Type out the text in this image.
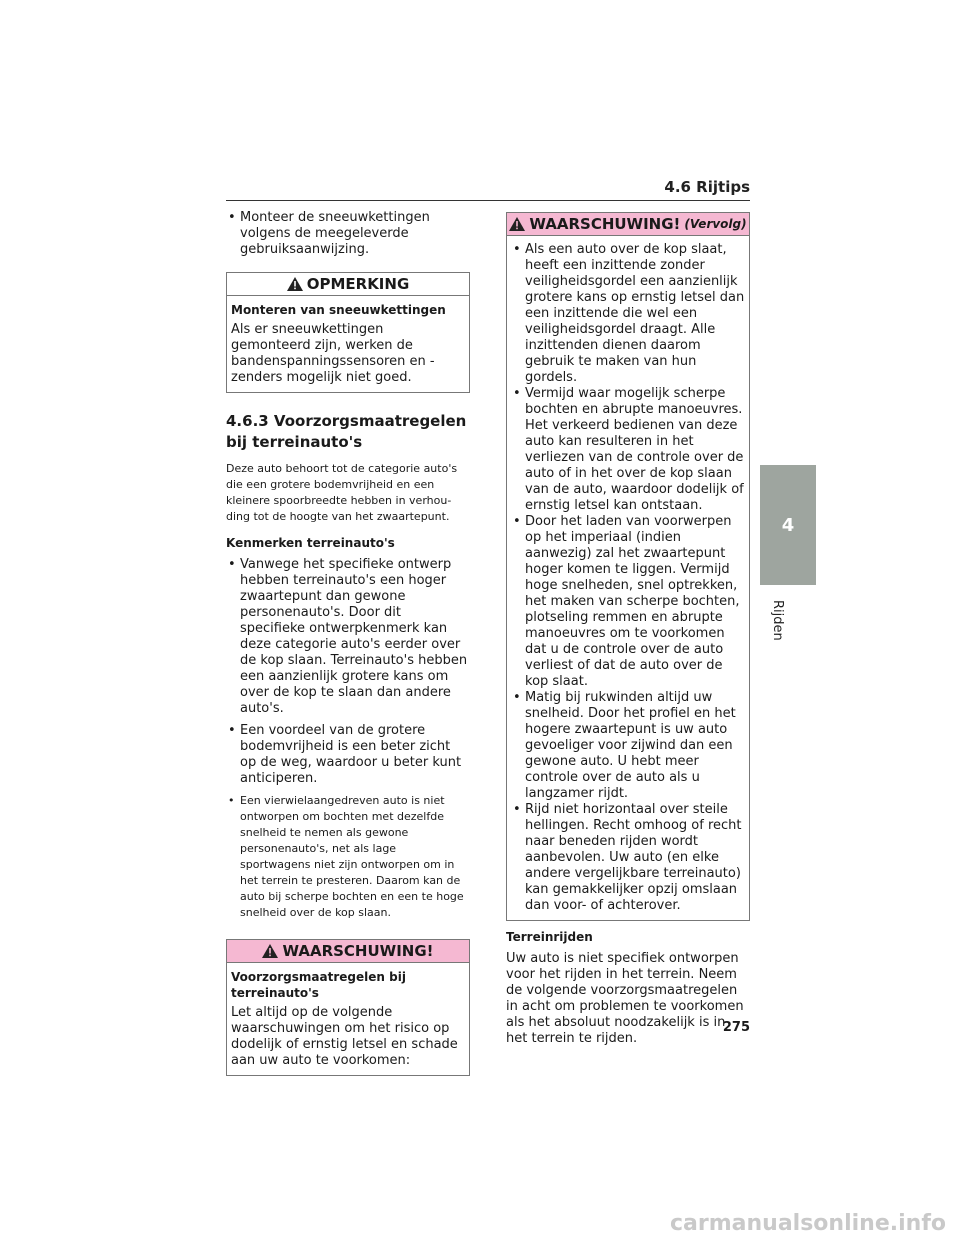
4.6 Rijtips
• Monteer de sneeuwkettingen volgens de meegeleverde gebruiksaanwijzing.
OPMERKING
Monteren van sneeuwkettingen

Als er sneeuwkettingen gemonteerd zijn, werken de bandenspanningssensoren en -zenders mogelijk niet goed.

4.6.3 Voorzorgsmaatregelen bij terreinauto's
Deze auto behoort tot de categorie auto's die een grotere bodemvrijheid en een kleinere spoorbreedte hebben in verhou-ding tot de hoogte van het zwaartepunt.
Kenmerken terreinauto's
• Vanwege het specifieke ontwerp hebben terreinauto's een hoger zwaartepunt dan gewone personenauto's. Door dit specifieke ontwerpkenmerk kan deze categorie auto's eerder over de kop slaan. Terreinauto's hebben een aanzienlijk grotere kans om over de kop te slaan dan andere auto's.
• Een voordeel van de grotere bodemvrijheid is een beter zicht op de weg, waardoor u beter kunt anticiperen.
• Een vierwielaangedreven auto is niet ontworpen om bochten met dezelfde snelheid te nemen als gewone personenauto's, net als lage sportwagens niet zijn ontworpen om in het terrein te presteren. Daarom kan de auto bij scherpe bochten en een te hoge snelheid over de kop slaan.
WAARSCHUWING!
Voorzorgsmaatregelen bij terreinauto's

Let altijd op de volgende waarschuwingen om het risico op dodelijk of ernstig letsel en schade aan uw auto te voorkomen:

WAARSCHUWING! (Vervolg)
• Als een auto over de kop slaat, heeft een inzittende zonder veiligheidsgordel een aanzienlijk grotere kans op ernstig letsel dan een inzittende die wel een veiligheidsgordel draagt. Alle inzittenden dienen daarom gebruik te maken van hun gordels.
• Vermijd waar mogelijk scherpe bochten en abrupte manoeuvres. Het verkeerd bedienen van deze auto kan resulteren in het verliezen van de controle over de auto of in het over de kop slaan van de auto, waardoor dodelijk of ernstig letsel kan ontstaan.
• Door het laden van voorwerpen op het imperiaal (indien aanwezig) zal het zwaartepunt hoger komen te liggen. Vermijd hoge snelheden, snel optrekken, het maken van scherpe bochten, plotseling remmen en abrupte manoeuvres om te voorkomen dat u de controle over de auto verliest of dat de auto over de kop slaat.
• Matig bij rukwinden altijd uw snelheid. Door het profiel en het hogere zwaartepunt is uw auto gevoeliger voor zijwind dan een gewone auto. U hebt meer controle over de auto als u langzamer rijdt.
• Rijd niet horizontaal over steile hellingen. Recht omhoog of recht naar beneden rijden wordt aanbevolen. Uw auto (en elke andere vergelijkbare terreinauto) kan gemakkelijker opzij omslaan dan voor- of achterover.
Terreinrijden

Uw auto is niet specifiek ontworpen voor het rijden in het terrein. Neem de volgende voorzorgsmaatregelen in acht om problemen te voorkomen als het absoluut noodzakelijk is in het terrein te rijden.

4
Rijden
275
carmanualsonline.info
